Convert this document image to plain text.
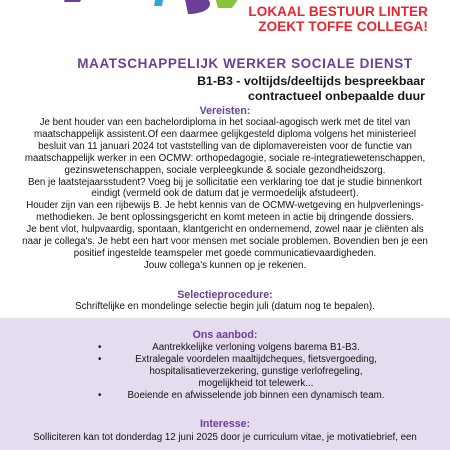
LOKAAL BESTUUR LINTER
ZOEKT TOFFE COLLEGA!
MAATSCHAPPELIJK WERKER SOCIALE DIENST
B1-B3 - voltijds/deeltijds bespreekbaar
contractueel onbepaalde duur
Vereisten:

Je bent houder van een bachelordiploma in het sociaal-agogisch werk met de titel van

maatschappelijk assistent.Of een daarmee gelijkgesteld diploma volgens het ministerieel

besluit van 11 januari 2024 tot vaststelling van de diplomavereisten voor de functie van

maatschappelijk werker in een OCMW: orthopedagogie, sociale re-integratiewetenschappen,

gezinswetenschappen, sociale verpleegkunde & sociale gezondheidszorg.

Ben je laatstejaarsstudent? Voeg bij je sollicitatie een verklaring toe dat je studie binnenkort

eindigt (vermeld ook de datum dat je vermoedelijk afstudeert).

Houder zijn van een rijbewijs B. Je hebt kennis van de OCMW-wetgeving en hulpverlenings-

methodieken. Je bent oplossingsgericht en komt meteen in actie bij dringende dossiers.

Je bent vlot, hulpvaardig, spontaan, klantgericht en ondernemend, zowel naar je cliënten als

naar je collega's. Je hebt een hart voor mensen met sociale problemen. Bovendien ben je een

positief ingestelde teamspeler met goede communicatievaardigheden.

Jouw collega's kunnen op je rekenen.

Selectieprocedure:
Schriftelijke en mondelinge selectie begin juli (datum nog te bepalen).
Ons aanbod:
•	Aantrekkelijke verloning volgens barema B1-B3.
•	Extralegale voordelen maaltijdcheques, fietsvergoeding,
hospitalisatieverzekering, gunstige verlofregeling,
mogelijkheid tot telewerk...
•	Boeiende en afwisselende job binnen een dynamisch team.
Interesse:
Solliciteren kan tot donderdag 12 juni 2025 door je curriculum vitae, je motivatiebrief, een
